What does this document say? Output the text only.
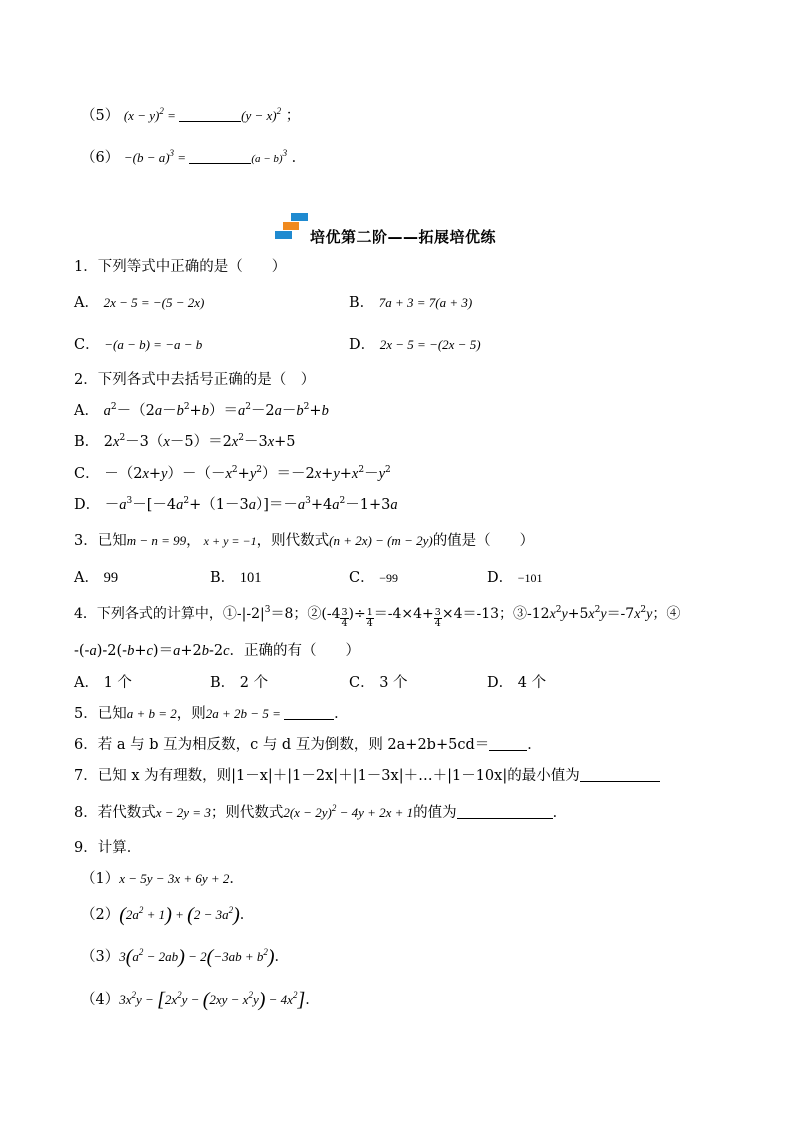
（5） $(x - y)^2$ =	$(y - x)^2$ ；
$(6) -(b - a)^3$ =	$(a - b)^3$ ．
培优第二阶——拓展培优练
1．下列等式中正确的是（　　）
A． 2x − 5 = −(5 − 2x)	B． 7a + 3 = 7(a + 3)
C． −(a − b) = −a − b	D． 2x − 5 = −(2x − 5)
2．下列各式中去括号正确的是（　）
A． $a^2-(2a-b^2+b)=a^2-2a-b^2+b$
B． $2x^2-3(x-5)=2x^2-3x+5$
C． $-(2x+y)-(-x^2+y^2)=-2x+y+x^2-y^2$
D． $-a^3-[-4a^2+(1-3a)]=-a^3+4a^2-1+3a$
3．已知m − n = 99， x + y = −1，则代数式(n + 2x) − (m − 2y)的值是（　　）
A． 99	B． 101	C． −99	D． −101
4．下列各式的计算中，$①-|-2|^3=8$；②(-4 $\frac{3}{4}$ )÷ $\frac{1}{4} =-4\times 4+ \frac{3}{4} \times 4=-13$；$③-12x^2y+5x^2y=-7x^2y$；④
-(-a)-2(-b+c)＝a+2b-2c．正确的有（　　）
A． 1 个	B． 2 个	C． 3 个	D． 4 个
5．已知a + b = 2，则2a + 2b − 5 =	．
6．若 a 与 b 互为相反数，c 与 d 互为倒数，则 2a+2b+5cd＝	．
7．已知 x 为有理数，则|1－x|＋|1－2x|＋|1－3x|＋…＋|1－10x|的最小值为
8．若代数式x − 2y = 3；则代数式$2(x - 2y)^2 - 4y + 2x + 1$的值为	．
9．计算．
（1）x − 5y − 3x + 6y + 2．
$(2)(2a^2 + 1) + (2 - 3a^2)$．
$(3)3(a^2 - 2ab) - 2(-3ab + b^2)$．
$(4)3x^2y - [2x^2y - (2xy - x^2y) - 4x^2]$．
